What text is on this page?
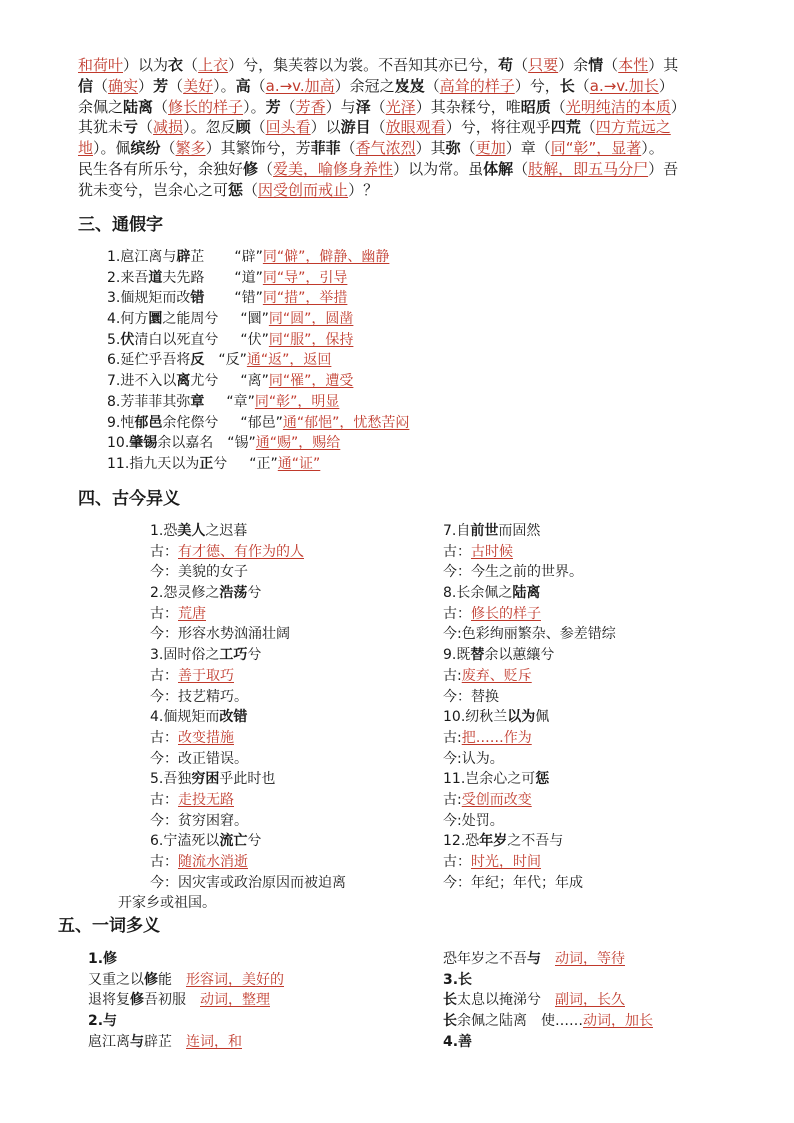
和荷叶）以为衣（上衣）兮，集芙蓉以为裳。不吾知其亦已兮，苟（只要）余情（本性）其
信（确实）芳（美好）。高（a.→v.加高）余冠之岌岌（高耸的样子）兮，长（a.→v.加长）
余佩之陆离（修长的样子）。芳（芳香）与泽（光泽）其杂糅兮，唯昭质（光明纯洁的本质）
其犹未亏（减损）。忽反顾（回头看）以游目（放眼观看）兮，将往观乎四荒（四方荒远之
地）。佩缤纷（繁多）其繁饰兮，芳菲菲（香气浓烈）其弥（更加）章（同“彰”，显著）。
民生各有所乐兮，余独好修（爱美，喻修身养性）以为常。虽体解（肢解，即五马分尸）吾
犹未变兮，岂余心之可惩（因受创而戒止）？
三、通假字
1.扈江离与辟芷 “辟”同“僻”，僻静、幽静
2.来吾道夫先路 “道”同“导”，引导
3.偭规矩而改错 “错”同“措”，举措
4.何方圜之能周兮 “圜”同“圆”，圆凿
5.伏清白以死直兮 “伏”同“服”，保持
6.延伫乎吾将反 “反”通“返”，返回
7.进不入以离尤兮 “离”同“罹”，遭受
8.芳菲菲其弥章 “章”同“彰”，明显
9.忳郁邑余侘傺兮 “郁邑”通“郁悒”，忧愁苦闷
10.肇锡余以嘉名 “锡”通“赐”，赐给
11.指九天以为正兮 “正”通“证”
四、古今异义
1.恐美人之迟暮
古：有才德、有作为的人
今：美貌的女子
2.怨灵修之浩荡兮
古：荒唐
今：形容水势汹涌壮阔
3.固时俗之工巧兮
古：善于取巧
今：技艺精巧。
4.偭规矩而改错
古：改变措施
今：改正错误。
5.吾独穷困乎此时也
古：走投无路
今：贫穷困窘。
6.宁溘死以流亡兮
古：随流水消逝
今：因灾害或政治原因而被迫离
开家乡或祖国。
7.自前世而固然
古：古时候
今：今生之前的世界。
8.长余佩之陆离
古：修长的样子
今:色彩绚丽繁杂、参差错综
9.既替余以蕙纕兮
古:废弃、贬斥
今：替换
10.纫秋兰以为佩
古:把……作为
今:认为。
11.岂余心之可惩
古:受创而改变
今:处罚。
12.恐年岁之不吾与
古：时光，时间
今：年纪；年代；年成
五、一词多义
1.修
又重之以修能 形容词，美好的
退将复修吾初服 动词，整理
2.与
扈江离与辟芷 连词，和
恐年岁之不吾与 动词，等待
3.长
长太息以掩涕兮 副词，长久
长余佩之陆离 使……动词，加长
4.善
